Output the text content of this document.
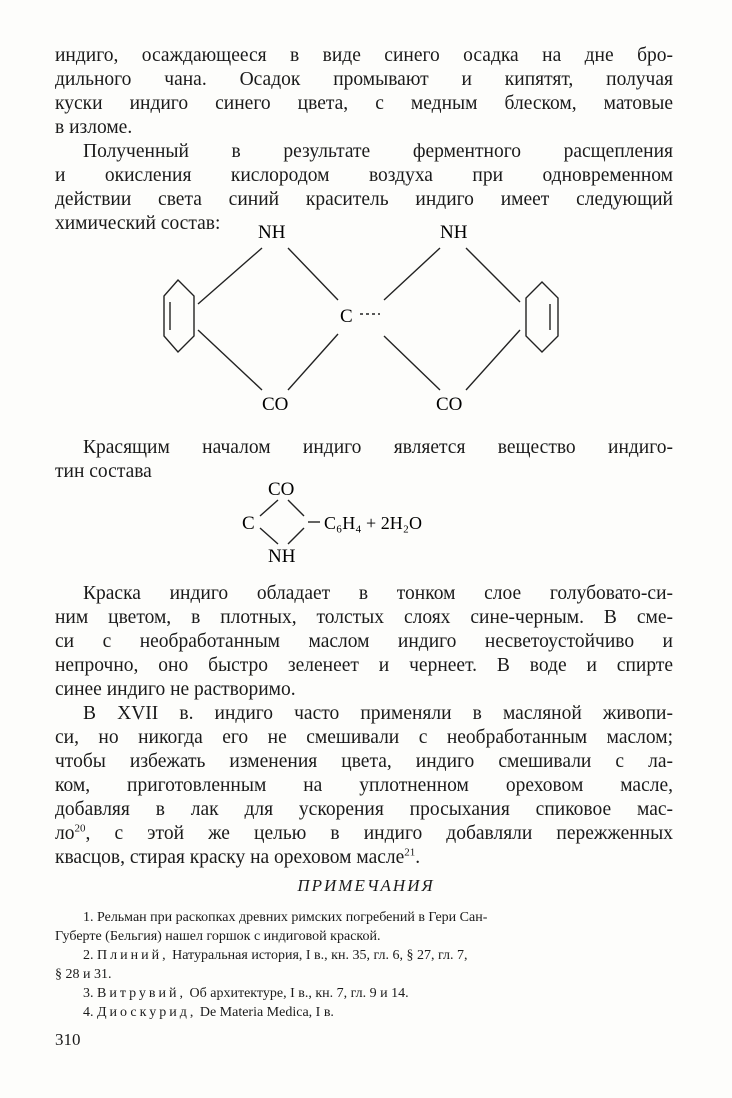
индиго, осаждающееся в виде синего осадка на дне бро-
дильного чана. Осадок промывают и кипятят, получая
куски индиго синего цвета, с медным блеском, матовые
в изломе.

Полученный в результате ферментного расщепления
и окисления кислородом воздуха при одновременном
действии света синий краситель индиго имеет следующий
химический состав:	NH	NH
C
CO	CO

Красящим началом индиго является вещество индиго-
тин состава

CO
C
NH
C₆H₄ + 2H₂O

Краска индиго обладает в тонком слое голубовато-си-
ним цветом, в плотных, толстых слоях сине-черным. В сме-
си с необработанным маслом индиго несветоустойчиво и
непрочно, оно быстро зеленеет и чернеет. В воде и спирте
синее индиго не растворимо.

В XVII в. индиго часто применяли в масляной живопи-
си, но никогда его не смешивали с необработанным маслом;
чтобы избежать изменения цвета, индиго смешивали с ла-
ком, приготовленным на уплотненном ореховом масле,
добавляя в лак для ускорения просыхания спиковое мас-
$ло^{20}$, с этой же целью в индиго добавляли пережженных
квасцов, стирая краску на ореховом масле$^{21}$.

ПРИМЕЧАНИЯ
1. Рельман при раскопках древних римских погребений в Гери Сан-
Губерте (Бельгия) нашел горшок с индиговой краской.
2. Плиний, Натуральная история, I в., кн. 35, гл. 6, § 27, гл. 7,
§ 28 и 31.
3. Витрувий, Об архитектуре, I в., кн. 7, гл. 9 и 14.
4. Диоскурид, De Materia Medica, I в.
310
